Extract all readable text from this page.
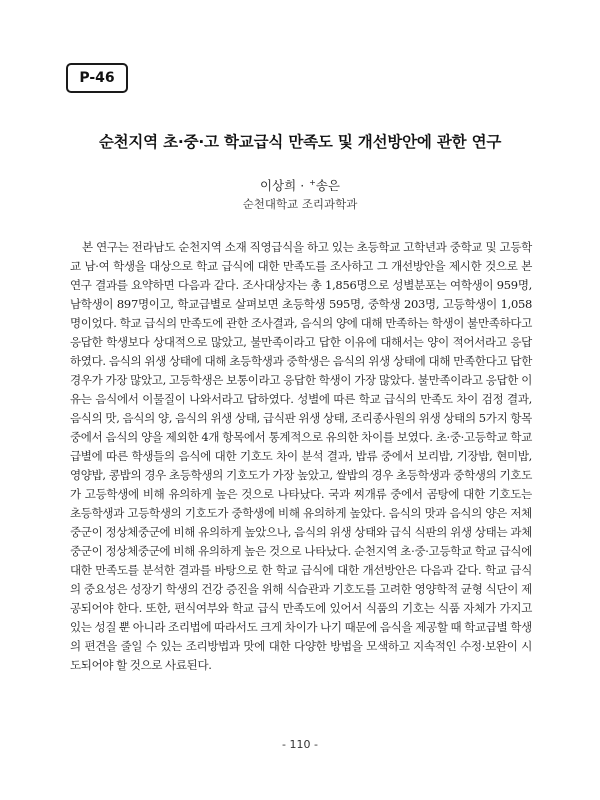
P-46
순천지역 초·중·고 학교급식 만족도 및 개선방안에 관한 연구
이상희 · +송은
순천대학교 조리과학과
본 연구는 전라남도 순천지역 소재 직영급식을 하고 있는 초등학교 고학년과 중학교 및 고등학교 남·여 학생을 대상으로 학교 급식에 대한 만족도를 조사하고 그 개선방안을 제시한 것으로 본 연구 결과를 요약하면 다음과 같다. 조사대상자는 총 1,856명으로 성별분포는 여학생이 959명, 남학생이 897명이고, 학교급별로 살펴보면 초등학생 595명, 중학생 203명, 고등학생이 1,058명이었다. 학교 급식의 만족도에 관한 조사결과, 음식의 양에 대해 만족하는 학생이 불만족하다고 응답한 학생보다 상대적으로 많았고, 불만족이라고 답한 이유에 대해서는 양이 적어서라고 응답하였다. 음식의 위생 상태에 대해 초등학생과 중학생은 음식의 위생 상태에 대해 만족한다고 답한 경우가 가장 많았고, 고등학생은 보통이라고 응답한 학생이 가장 많았다. 불만족이라고 응답한 이유는 음식에서 이물질이 나와서라고 답하였다. 성별에 따른 학교 급식의 만족도 차이 검정 결과, 음식의 맛, 음식의 양, 음식의 위생 상태, 급식판 위생 상태, 조리종사원의 위생 상태의 5가지 항목 중에서 음식의 양을 제외한 4개 항목에서 통계적으로 유의한 차이를 보였다. 초·중·고등학교 학교급별에 따른 학생들의 음식에 대한 기호도 차이 분석 결과, 밥류 중에서 보리밥, 기장밥, 현미밥, 영양밥, 콩밥의 경우 초등학생의 기호도가 가장 높았고, 쌀밥의 경우 초등학생과 중학생의 기호도가 고등학생에 비해 유의하게 높은 것으로 나타났다. 국과 찌개류 중에서 곰탕에 대한 기호도는 초등학생과 고등학생의 기호도가 중학생에 비해 유의하게 높았다. 음식의 맛과 음식의 양은 저체중군이 정상체중군에 비해 유의하게 높았으나, 음식의 위생 상태와 급식 식판의 위생 상태는 과체중군이 정상체중군에 비해 유의하게 높은 것으로 나타났다. 순천지역 초·중·고등학교 학교 급식에 대한 만족도를 분석한 결과를 바탕으로 한 학교 급식에 대한 개선방안은 다음과 같다. 학교 급식의 중요성은 성장기 학생의 건강 증진을 위해 식습관과 기호도를 고려한 영양학적 균형 식단이 제공되어야 한다. 또한, 편식여부와 학교 급식 만족도에 있어서 식품의 기호는 식품 자체가 가지고 있는 성질 뿐 아니라 조리법에 따라서도 크게 차이가 나기 때문에 음식을 제공할 때 학교급별 학생의 편견을 줄일 수 있는 조리방법과 맛에 대한 다양한 방법을 모색하고 지속적인 수정·보완이 시도되어야 할 것으로 사료된다.
- 110 -
